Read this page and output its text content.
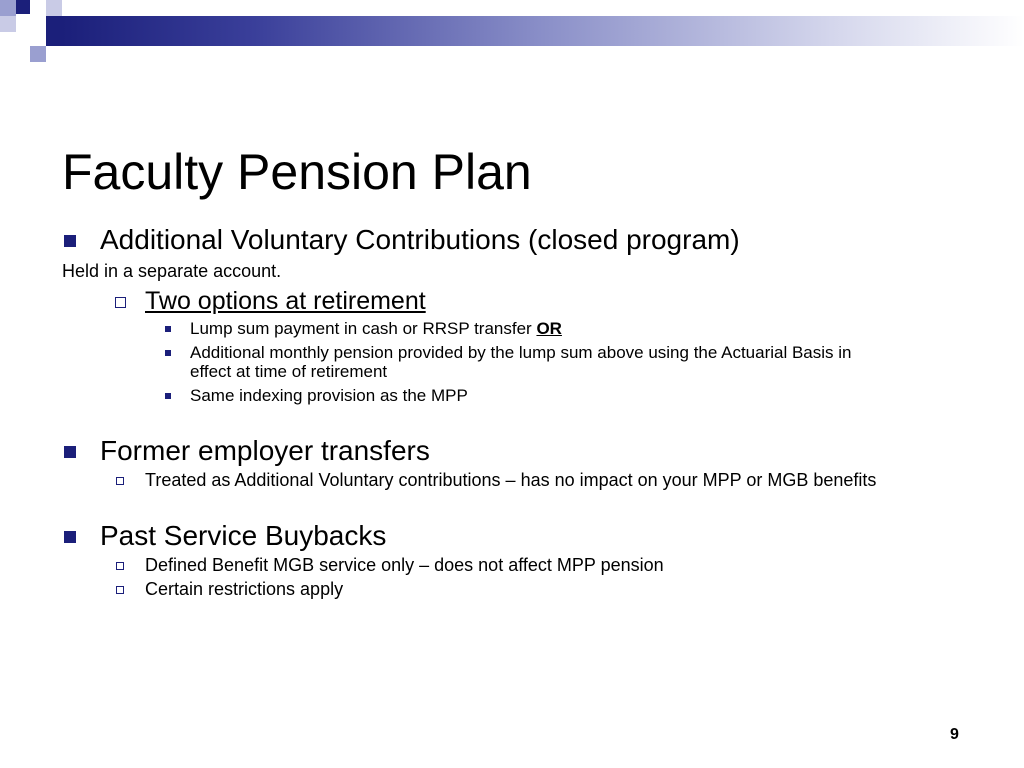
Faculty Pension Plan
Additional Voluntary Contributions (closed program)
Held in a separate account.
Two options at retirement
Lump sum payment in cash or RRSP transfer OR
Additional monthly pension provided by the lump sum above using the Actuarial Basis in
effect at time of retirement
Same indexing provision as the MPP
Former employer transfers
Treated as Additional Voluntary contributions – has no impact on your MPP or MGB benefits
Past Service Buybacks
Defined Benefit MGB service only – does not affect MPP pension
Certain restrictions apply
9
